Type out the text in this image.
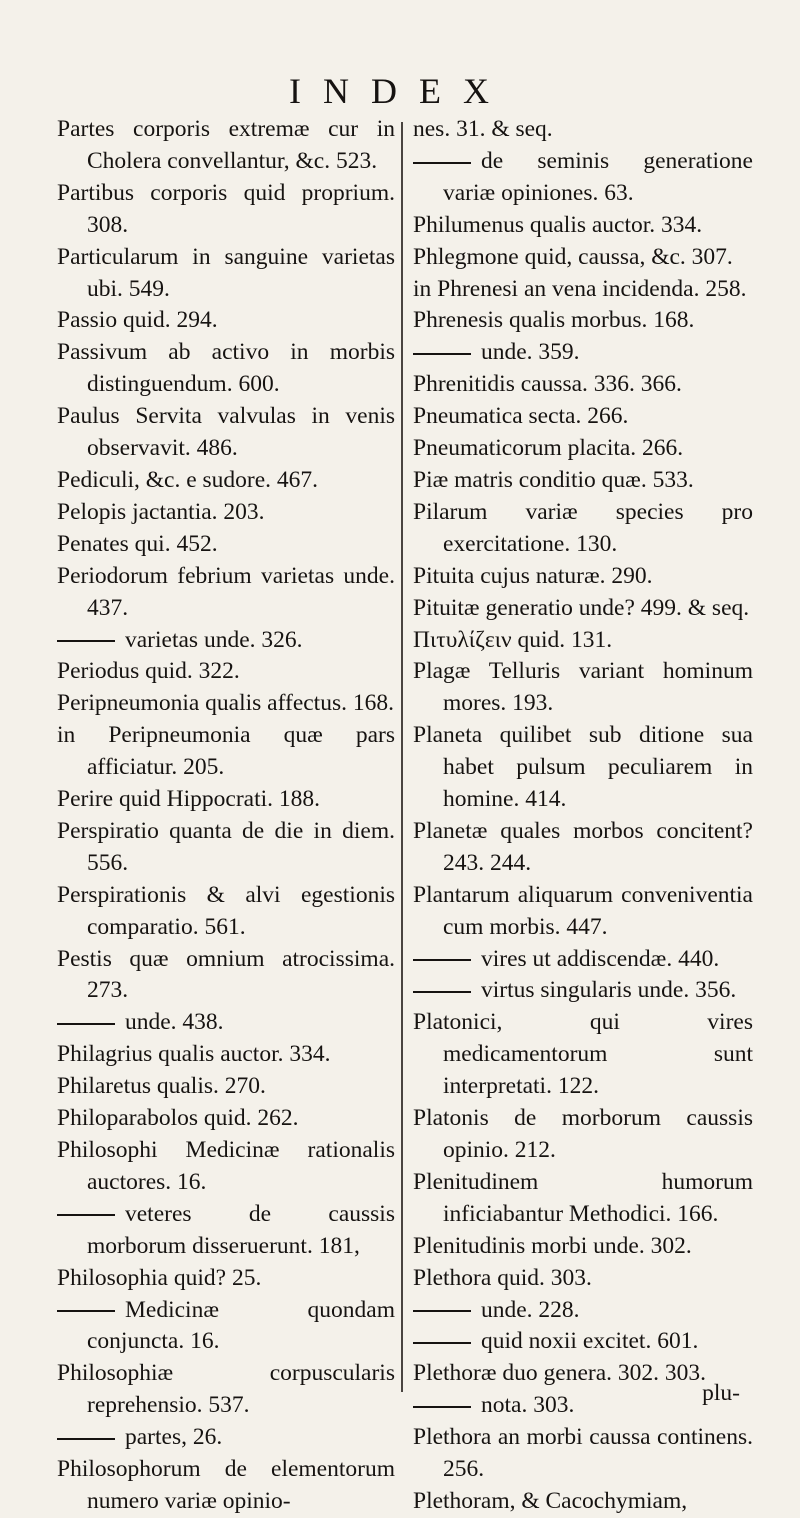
INDEX
Partes corporis extremæ cur in Cholera convellantur, &c. 523.
Partibus corporis quid proprium. 308.
Particularum in sanguine varietas ubi. 549.
Passio quid. 294.
Passivum ab activo in morbis distinguendum. 600.
Paulus Servita valvulas in venis observavit. 486.
Pediculi, &c. e sudore. 467.
Pelopis jactantia. 203.
Penates qui. 452.
Periodorum febrium varietas unde. 437.
varietas unde. 326.
Periodus quid. 322.
Peripneumonia qualis affectus. 168.
in Peripneumonia quæ pars afficiatur. 205.
Perire quid Hippocrati. 188.
Perspiratio quanta de die in diem. 556.
Perspirationis & alvi egestionis comparatio. 561.
Pestis quæ omnium atrocissima. 273.
unde. 438.
Philagrius qualis auctor. 334.
Philaretus qualis. 270.
Philoparabolos quid. 262.
Philosophi Medicinæ rationalis auctores. 16.
veteres de caussis morborum disseruerunt. 181,
Philosophia quid? 25.
Medicinæ quondam conjuncta. 16.
Philosophiæ corpuscularis reprehensio. 537.
partes, 26.
Philosophorum de elementorum numero variæ opinio-
nes. 31. & seq.
de seminis generatione variæ opiniones. 63.
Philumenus qualis auctor. 334.
Phlegmone quid, caussa, &c. 307.
in Phrenesi an vena incidenda. 258.
Phrenesis qualis morbus. 168.
unde. 359.
Phrenitidis caussa. 336. 366.
Pneumatica secta. 266.
Pneumaticorum placita. 266.
Piæ matris conditio quæ. 533.
Pilarum variæ species pro exercitatione. 130.
Pituita cujus naturæ. 290.
Pituitæ generatio unde? 499. & seq.
Πιτυλίζειν quid. 131.
Plagæ Telluris variant hominum mores. 193.
Planeta quilibet sub ditione sua habet pulsum peculiarem in homine. 414.
Planetæ quales morbos concitent? 243. 244.
Plantarum aliquarum conveniventia cum morbis. 447.
vires ut addiscendæ. 440.
virtus singularis unde. 356.
Platonici, qui vires medicamentorum sunt interpretati. 122.
Platonis de morborum caussis opinio. 212.
Plenitudinem humorum inficiabantur Methodici. 166.
Plenitudinis morbi unde. 302.
Plethora quid. 303.
unde. 228.
quid noxii excitet. 601.
Plethoræ duo genera. 302. 303.
nota. 303.
Plethora an morbi caussa continens. 256.
Plethoram, & Cacochymiam,
plu-
